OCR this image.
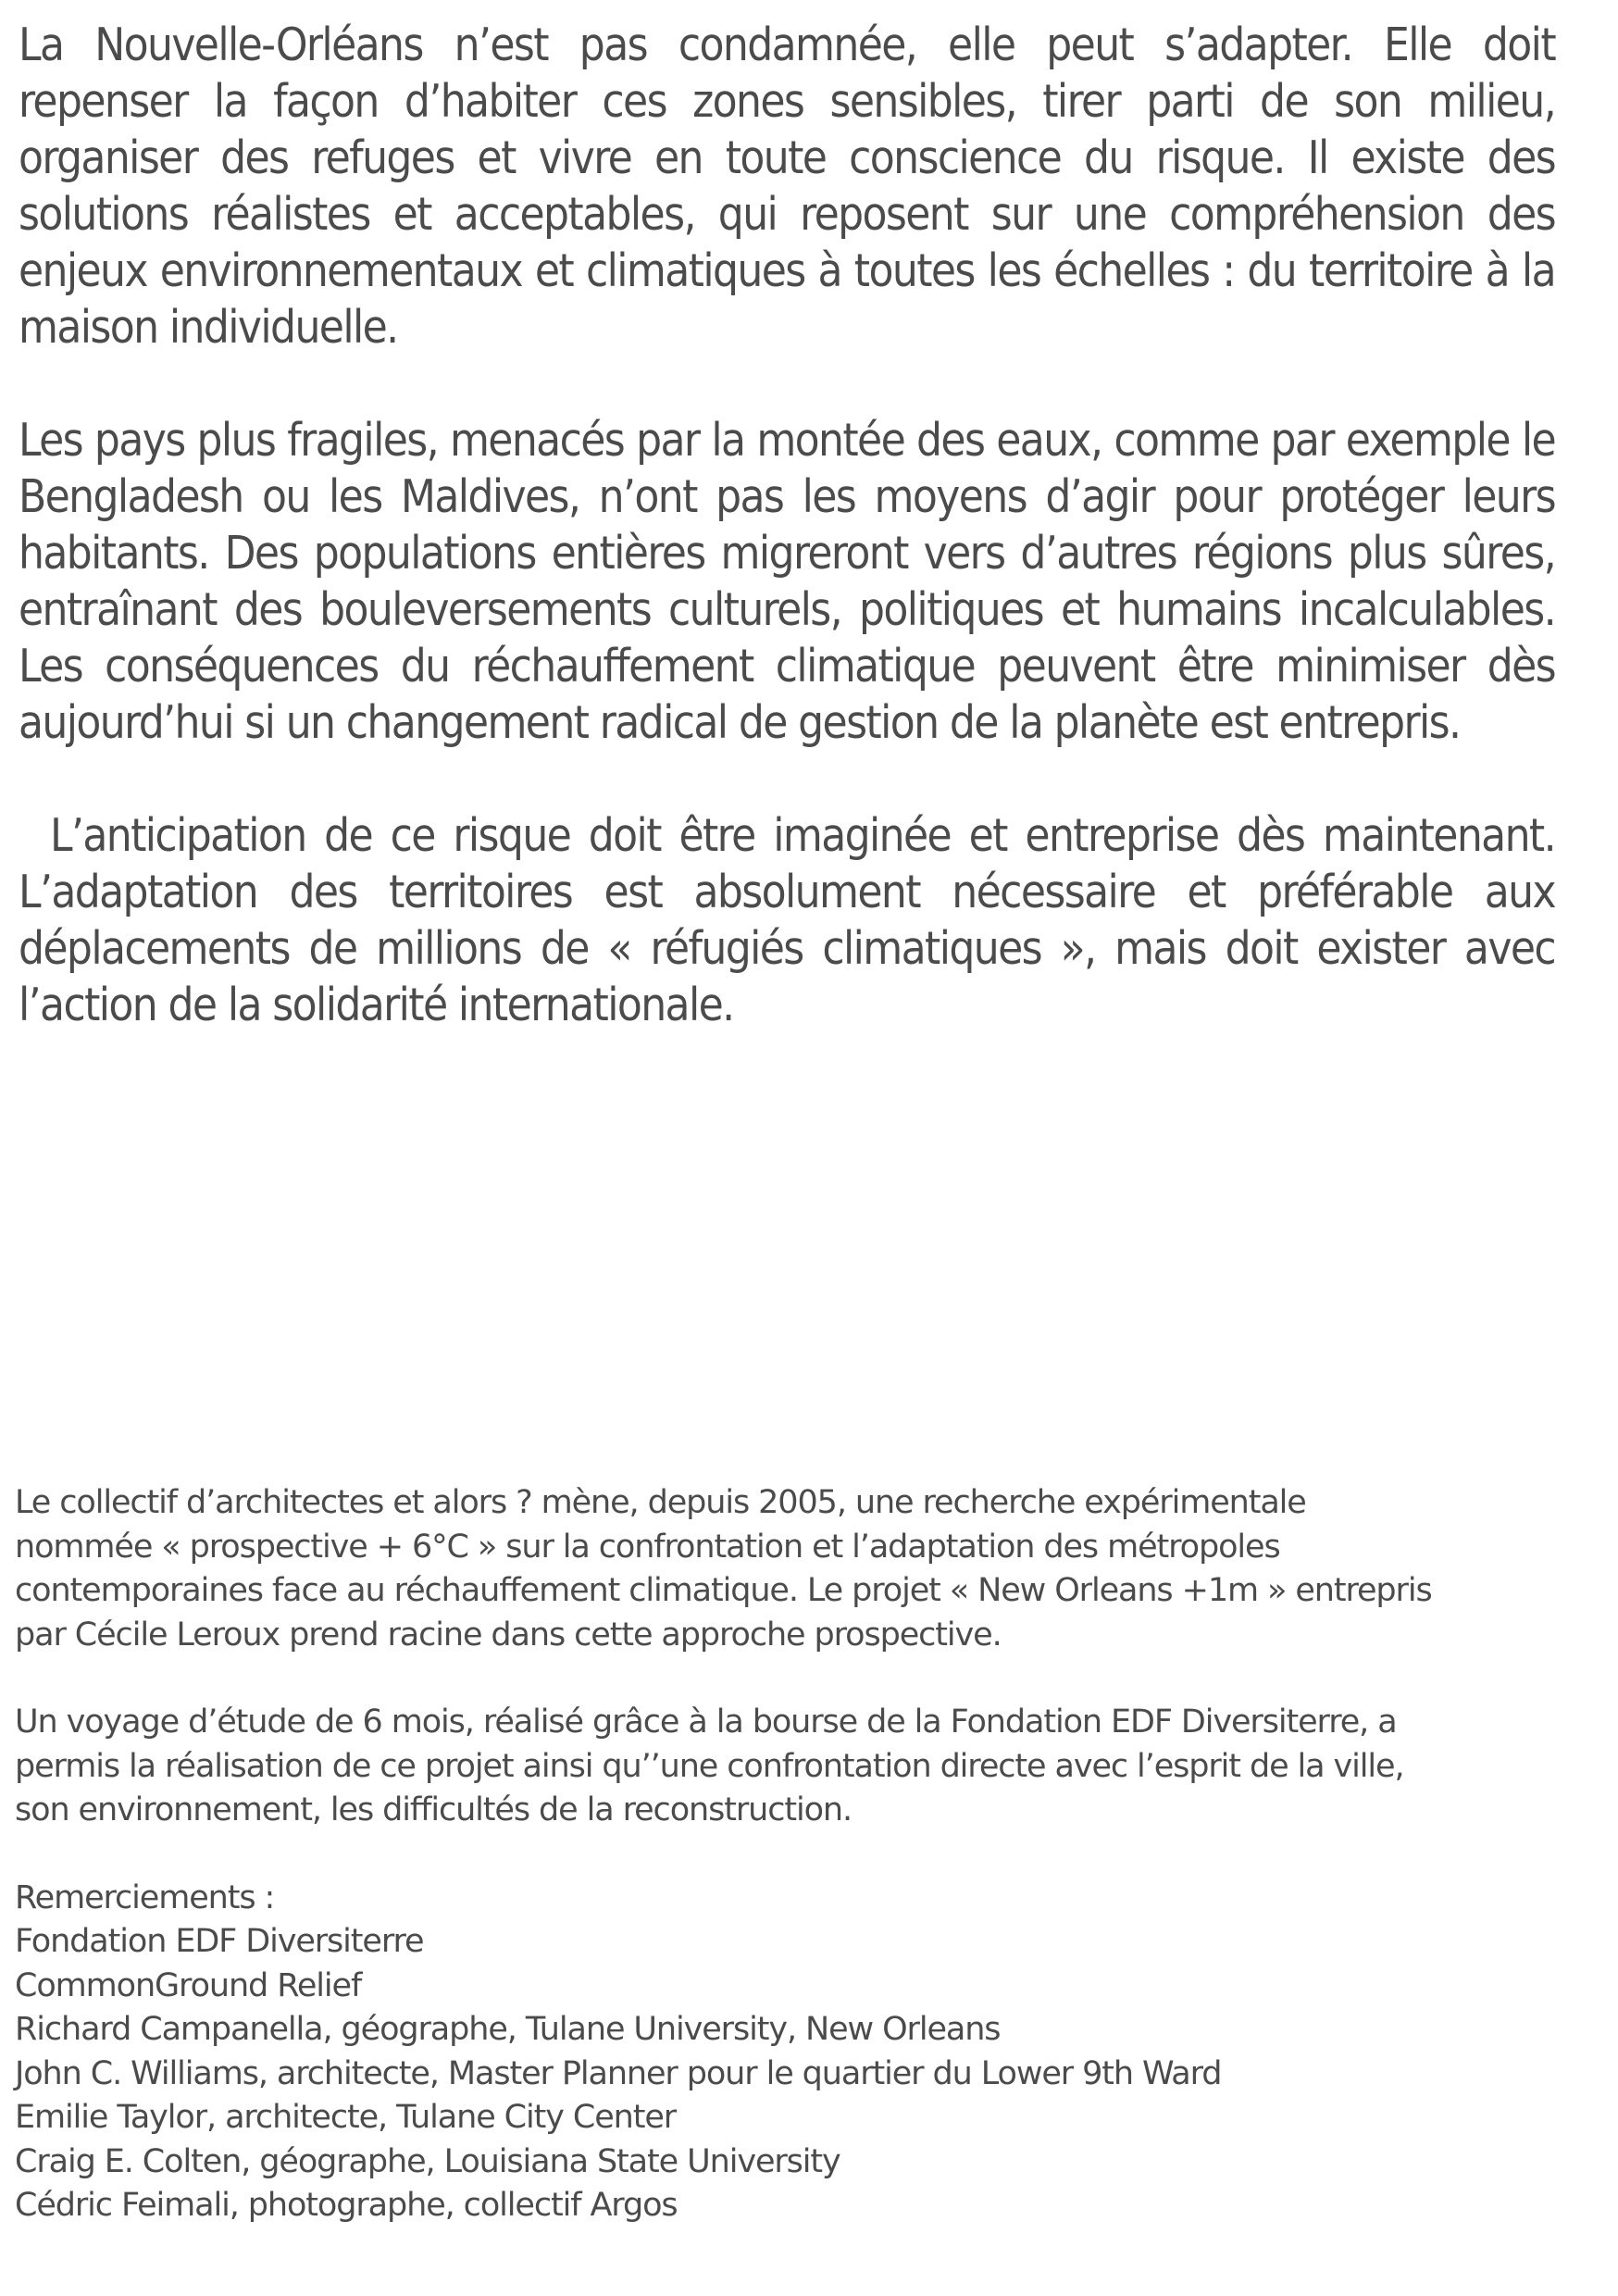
La Nouvelle-Orléans n’est pas condamnée, elle peut s’adapter. Elle doit repenser la façon d’habiter ces zones sensibles, tirer parti de son milieu, organiser des refuges et vivre en toute conscience du risque. Il existe des solutions réalistes et acceptables, qui reposent sur une compréhension des enjeux environnementaux et climatiques à toutes les échelles : du territoire à la maison individuelle.

Les pays plus fragiles, menacés par la montée des eaux, comme par exemple le Bengladesh ou les Maldives, n’ont pas les moyens d’agir pour protéger leurs habitants. Des populations entières migreront vers d’autres régions plus sûres, entraînant des bouleversements culturels, politiques et humains incalculables. Les conséquences du réchauffement climatique peuvent être minimiser dès aujourd’hui si un changement radical de gestion de la planète est entrepris.

L’anticipation de ce risque doit être imaginée et entreprise dès maintenant. L’adaptation des territoires est absolument nécessaire et préférable aux déplacements de millions de « réfugiés climatiques », mais doit exister avec l’action de la solidarité internationale.

Le collectif d’architectes et alors ? mène, depuis 2005, une recherche expérimentale

nommée « prospective + 6°C » sur la confrontation et l’adaptation des métropoles

contemporaines face au réchauffement climatique. Le projet « New Orleans +1m » entrepris

par Cécile Leroux prend racine dans cette approche prospective.

Un voyage d’étude de 6 mois, réalisé grâce à la bourse de la Fondation EDF Diversiterre, a

permis la réalisation de ce projet ainsi qu’’une confrontation directe avec l’esprit de la ville,

son environnement, les difficultés de la reconstruction.

Remerciements :

Fondation EDF Diversiterre
CommonGround Relief
Richard Campanella, géographe, Tulane University, New Orleans
John C. Williams, architecte, Master Planner pour le quartier du Lower 9th Ward
Emilie Taylor, architecte, Tulane City Center
Craig E. Colten, géographe, Louisiana State University
Cédric Feimali, photographe, collectif Argos
